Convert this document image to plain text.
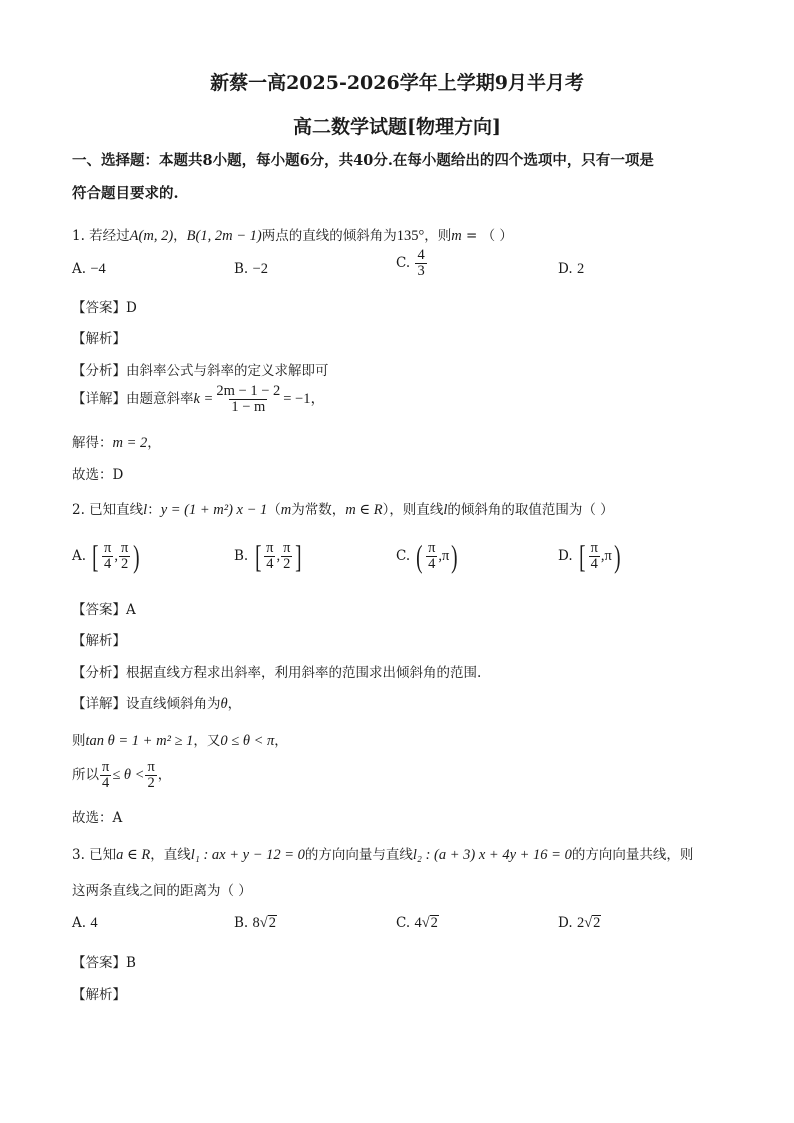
新蔡一高2025-2026学年上学期9月半月考
高二数学试题[物理方向]
一、选择题：本题共8小题，每小题6分，共40分.在每小题给出的四个选项中，只有一项是
符合题目要求的.
1. 若经过A(m, 2)，B(1, 2m − 1)两点的直线的倾斜角为135°，则m = （ ）
A. −4	B. −2	C. $\frac{4}{3}$	D. 2
【答案】D
【解析】
【分析】由斜率公式与斜率的定义求解即可
【详解】由题意斜率$k = \frac{2m - 1 - 2}{1 - m} = -1$，
解得：m = 2，
故选：D
2. 已知直线l：y = (1 + m²) x − 1（m为常数，m ∈ R），则直线l的倾斜角的取值范围为（ ）
A. [ $\frac{\pi}{4}$ , $\frac{\pi}{2}$ )	B. [ $\frac{\pi}{4}$ , $\frac{\pi}{2}$ ]	C. ( $\frac{\pi}{4} ,\pi$)	D. [ $\frac{\pi}{4} ,\pi$)
【答案】A
【解析】
【分析】根据直线方程求出斜率，利用斜率的范围求出倾斜角的范围.
【详解】设直线倾斜角为θ，
则tan θ = 1 + m² ≥ 1，又0 ≤ θ < π，
所以 $\frac{\pi}{4} \le \theta < \frac{\pi}{2}$ ，
故选：A
3. 已知a ∈ R，直线l₁ : ax + y − 12 = 0的方向向量与直线l₂ : (a + 3) x + 4y + 16 = 0的方向向量共线，则
这两条直线之间的距离为（ ）
A. 4	B. 8√2	C. 4√2	D. 2√2
【答案】B
【解析】
